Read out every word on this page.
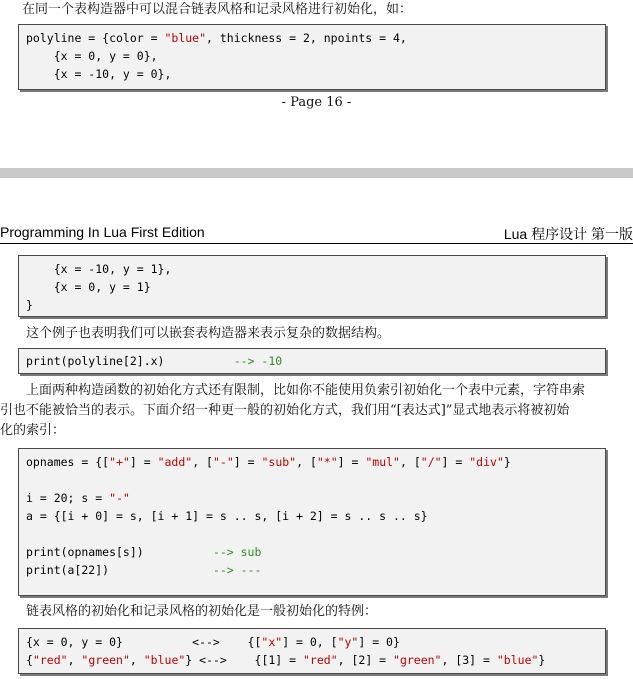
在同一个表构造器中可以混合链表风格和记录风格进行初始化，如：
polyline = {color = "blue", thickness = 2, npoints = 4,
{x = 0, y = 0},
{x = -10, y = 0},
- Page 16 -
Programming In Lua First Edition	Lua 程序设计 第一版
{x = -10, y = 1},
{x = 0, y = 1}
}
这个例子也表明我们可以嵌套表构造器来表示复杂的数据结构。
print(polyline[2].x)          --> -10
上面两种构造函数的初始化方式还有限制，比如你不能使用负索引初始化一个表中元素，字符串索
引也不能被恰当的表示。下面介绍一种更一般的初始化方式，我们用“[表达式]”显式地表示将被初始
化的索引：
opnames = {["+"] = "add", ["-"] = "sub", ["*"] = "mul", ["/"] = "div"}
i = 20; s = "-"
a = {[i + 0] = s, [i + 1] = s .. s, [i + 2] = s .. s .. s}
print(opnames[s])          --> sub
print(a[22])               --> ---
链表风格的初始化和记录风格的初始化是一般初始化的特例：
{x = 0, y = 0}          <-->    {["x"] = 0, ["y"] = 0}
{"red", "green", "blue"} <-->    {[1] = "red", [2] = "green", [3] = "blue"}
